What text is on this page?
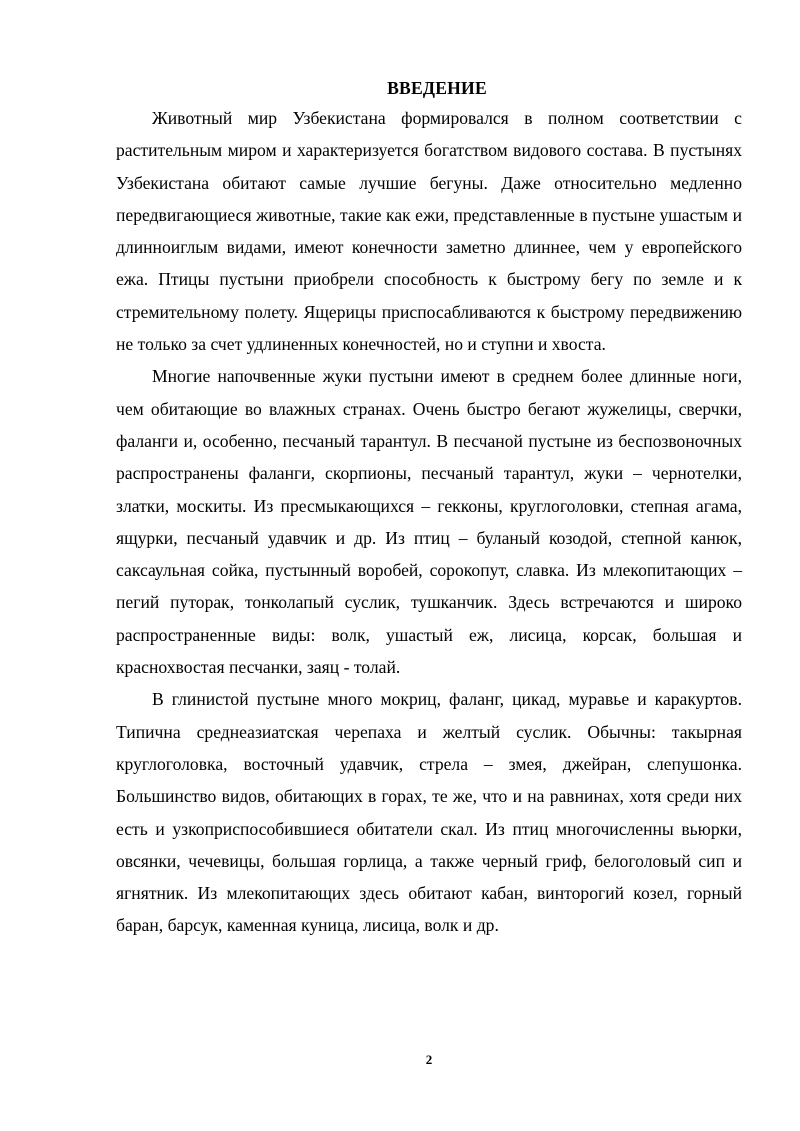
ВВЕДЕНИЕ

Животный мир Узбекистана формировался в полном соответствии с растительным миром и характеризуется богатством видового состава. В пустынях Узбекистана обитают самые лучшие бегуны. Даже относительно медленно передвигающиеся животные, такие как ежи, представленные в пустыне ушастым и длинноиглым видами, имеют конечности заметно длиннее, чем у европейского ежа. Птицы пустыни приобрели способность к быстрому бегу по земле и к стремительному полету. Ящерицы приспосабливаются к быстрому передвижению не только за счет удлиненных конечностей, но и ступни и хвоста.

Многие напочвенные жуки пустыни имеют в среднем более длинные ноги, чем обитающие во влажных странах. Очень быстро бегают жужелицы, сверчки, фаланги и, особенно, песчаный тарантул. В песчаной пустыне из беспозвоночных распространены фаланги, скорпионы, песчаный тарантул, жуки – чернотелки, златки, москиты. Из пресмыкающихся – гекконы, круглоголовки, степная агама, ящурки, песчаный удавчик и др. Из птиц – буланый козодой, степной канюк, саксаульная сойка, пустынный воробей, сорокопут, славка. Из млекопитающих – пегий путорак, тонколапый суслик, тушканчик. Здесь встречаются и широко распространенные виды: волк, ушастый еж, лисица, корсак, большая и краснохвостая песчанки, заяц - толай.

В глинистой пустыне много мокриц, фаланг, цикад, муравье и каракуртов. Типична среднеазиатская черепаха и желтый суслик. Обычны: такырная круглоголовка, восточный удавчик, стрела – змея, джейран, слепушонка. Большинство видов, обитающих в горах, те же, что и на равнинах, хотя среди них есть и узкоприспособившиеся обитатели скал. Из птиц многочисленны вьюрки, овсянки, чечевицы, большая горлица, а также черный гриф, белоголовый сип и ягнятник. Из млекопитающих здесь обитают кабан, винторогий козел, горный баран, барсук, каменная куница, лисица, волк и др.

2
